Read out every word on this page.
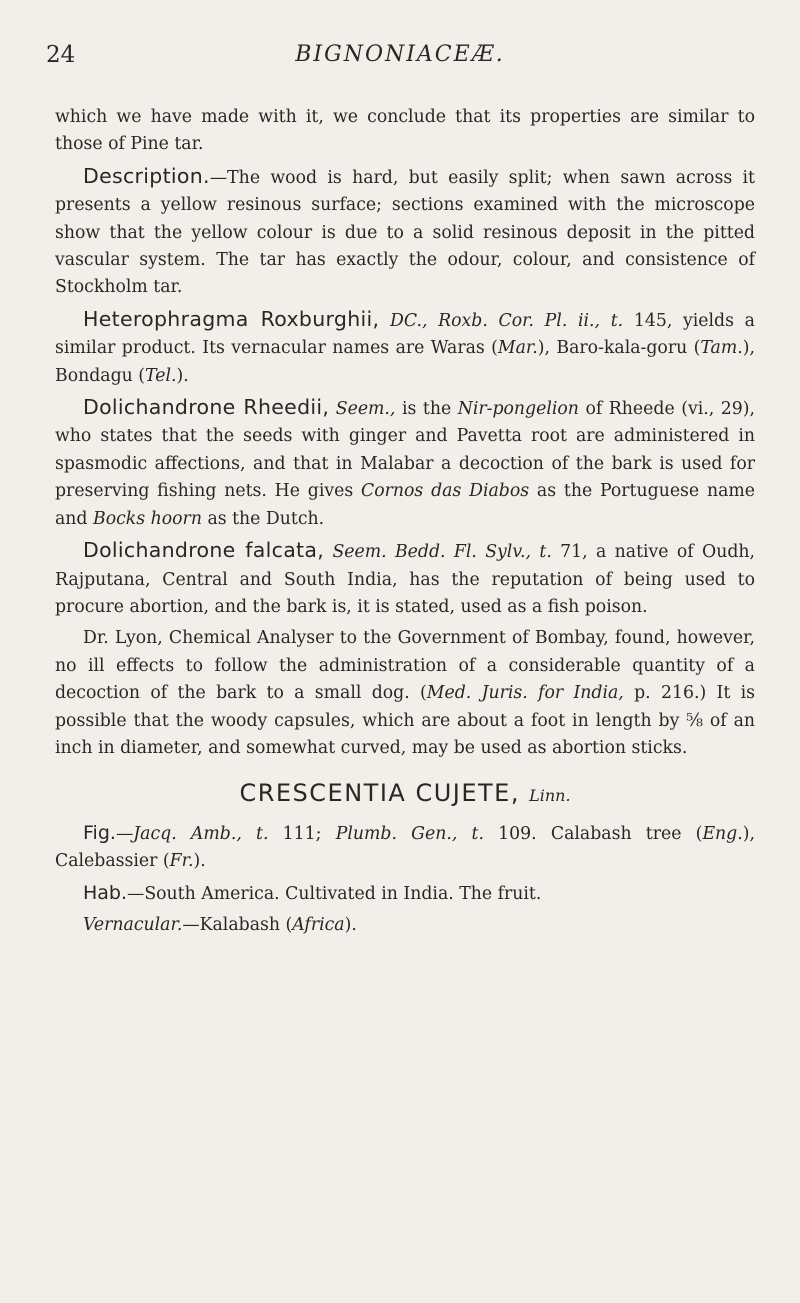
24	BIGNONIACEÆ.

which we have made with it, we conclude that its properties are similar to those of Pine tar.

Description.—The wood is hard, but easily split; when sawn across it presents a yellow resinous surface; sections examined with the microscope show that the yellow colour is due to a solid resinous deposit in the pitted vascular system. The tar has exactly the odour, colour, and consistence of Stockholm tar.

Heterophragma Roxburghii, DC., Roxb. Cor. Pl. ii., t. 145, yields a similar product. Its vernacular names are Waras (Mar.), Baro-kala-goru (Tam.), Bondagu (Tel.).

Dolichandrone Rheedii, Seem., is the Nir-pongelion of Rheede (vi., 29), who states that the seeds with ginger and Pavetta root are administered in spasmodic affections, and that in Malabar a decoction of the bark is used for preserving fishing nets. He gives Cornos das Diabos as the Portuguese name and Bocks hoorn as the Dutch.

Dolichandrone falcata, Seem. Bedd. Fl. Sylv., t. 71, a native of Oudh, Rajputana, Central and South India, has the reputation of being used to procure abortion, and the bark is, it is stated, used as a fish poison.

Dr. Lyon, Chemical Analyser to the Government of Bombay, found, however, no ill effects to follow the administration of a considerable quantity of a decoction of the bark to a small dog. (Med. Juris. for India, p. 216.) It is possible that the woody capsules, which are about a foot in length by ⅝ of an inch in diameter, and somewhat curved, may be used as abortion sticks.

CRESCENTIA CUJETE, Linn.

Fig.—Jacq. Amb., t. 111; Plumb. Gen., t. 109. Calabash tree (Eng.), Calebassier (Fr.).

Hab.—South America. Cultivated in India. The fruit.

Vernacular.—Kalabash (Africa).
